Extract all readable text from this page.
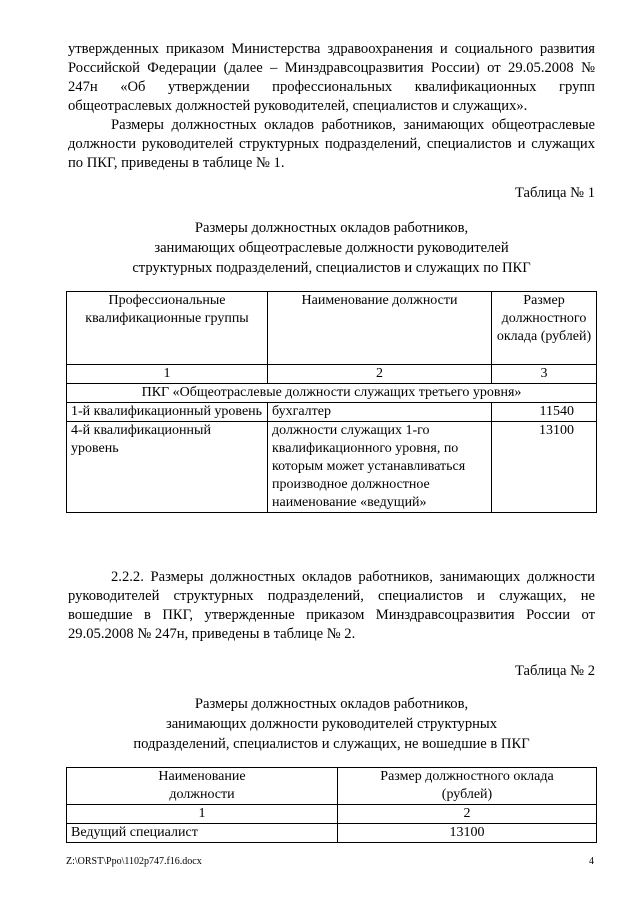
утвержденных приказом Министерства здравоохранения и социального развития Российской Федерации (далее – Минздравсоцразвития России) от 29.05.2008 № 247н «Об утверждении профессиональных квалификационных групп общеотраслевых должностей руководителей, специалистов и служащих».

Размеры должностных окладов работников, занимающих общеотраслевые должности руководителей структурных подразделений, специалистов и служащих по ПКГ, приведены в таблице № 1.

Таблица № 1
Размеры должностных окладов работников,
занимающих общеотраслевые должности руководителей
структурных подразделений, специалистов и служащих по ПКГ
Профессиональные квалификационные группы	Наименование должности	Размер должностного оклада (рублей)
1	2	3
ПКГ «Общеотраслевые должности служащих третьего уровня»		
1-й квалификационный уровень	бухгалтер	11540

4-й квалификационный уровень	должности служащих 1-го квалификационного уровня, по которым может устанавливаться производное должностное наименование «ведущий»	13100

2.2.2. Размеры должностных окладов работников, занимающих должности руководителей структурных подразделений, специалистов и служащих, не вошедшие в ПКГ, утвержденные приказом Минздравсоцразвития России от 29.05.2008 № 247н, приведены в таблице № 2.

Таблица № 2
Размеры должностных окладов работников,
занимающих должности руководителей структурных
подразделений, специалистов и служащих, не вошедшие в ПКГ
Наименование должности	Размер должностного оклада (рублей)

1	2
Ведущий специалист	13100
Z:\ORST\Ppo\1102p747.f16.docx	4
